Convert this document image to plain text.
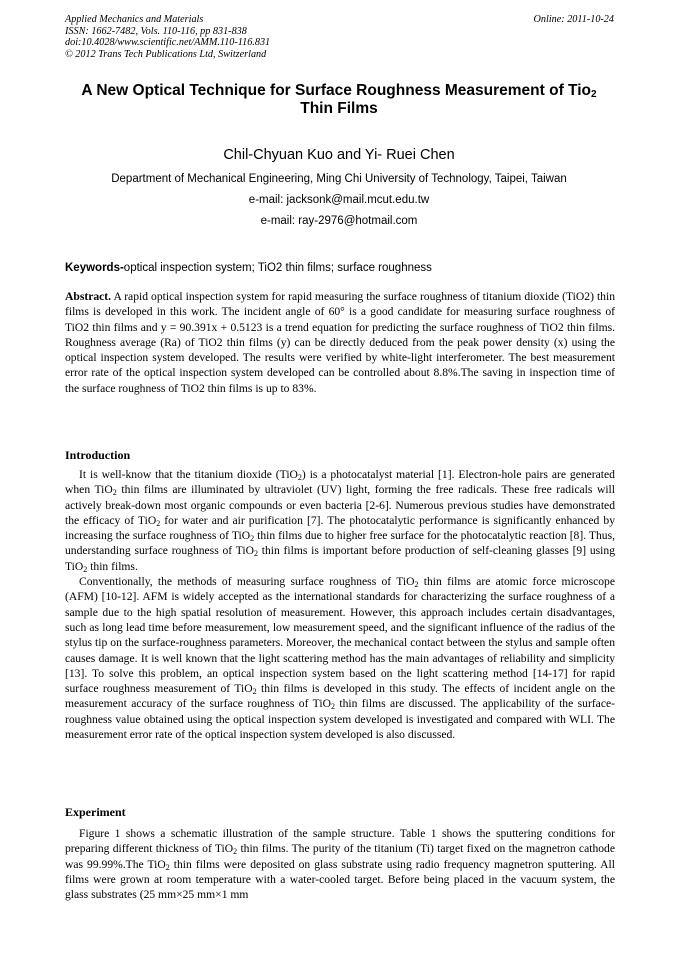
Applied Mechanics and Materials
ISSN: 1662-7482, Vols. 110-116, pp 831-838
doi:10.4028/www.scientific.net/AMM.110-116.831
© 2012 Trans Tech Publications Ltd, Switzerland
Online: 2011-10-24
A New Optical Technique for Surface Roughness Measurement of Tio$_2$
Thin Films
Chil-Chyuan Kuo and Yi- Ruei Chen
Department of Mechanical Engineering, Ming Chi University of Technology, Taipei, Taiwan
e-mail: jacksonk@mail.mcut.edu.tw
e-mail: ray-2976@hotmail.com
Keywords-optical inspection system; TiO2 thin films; surface roughness
Abstract. A rapid optical inspection system for rapid measuring the surface roughness of titanium dioxide (TiO2) thin films is developed in this work. The incident angle of 60° is a good candidate for measuring surface roughness of TiO2 thin films and y = 90.391x + 0.5123 is a trend equation for predicting the surface roughness of TiO2 thin films. Roughness average (Ra) of TiO2 thin films (y) can be directly deduced from the peak power density (x) using the optical inspection system developed. The results were verified by white-light interferometer. The best measurement error rate of the optical inspection system developed can be controlled about 8.8%.The saving in inspection time of the surface roughness of TiO2 thin films is up to 83%.
Introduction

It is well-know that the titanium dioxide (TiO$_2$) is a photocatalyst material [1]. Electron-hole pairs are generated when TiO$_2$ thin films are illuminated by ultraviolet (UV) light, forming the free radicals. These free radicals will actively break-down most organic compounds or even bacteria [2-6]. Numerous previous studies have demonstrated the efficacy of TiO$_2$ for water and air purification [7]. The photocatalytic performance is significantly enhanced by increasing the surface roughness of TiO$_2$ thin films due to higher free surface for the photocatalytic reaction [8]. Thus, understanding surface roughness of TiO$_2$ thin films is important before production of self-cleaning glasses [9] using TiO$_2$ thin films.

Conventionally, the methods of measuring surface roughness of TiO$_2$ thin films are atomic force microscope (AFM) [10-12]. AFM is widely accepted as the international standards for characterizing the surface roughness of a sample due to the high spatial resolution of measurement. However, this approach includes certain disadvantages, such as long lead time before measurement, low measurement speed, and the significant influence of the radius of the stylus tip on the surface-roughness parameters. Moreover, the mechanical contact between the stylus and sample often causes damage. It is well known that the light scattering method has the main advantages of reliability and simplicity [13]. To solve this problem, an optical inspection system based on the light scattering method [14-17] for rapid surface roughness measurement of TiO$_2$ thin films is developed in this study. The effects of incident angle on the measurement accuracy of the surface roughness of TiO$_2$ thin films are discussed. The applicability of the surface-roughness value obtained using the optical inspection system developed is investigated and compared with WLI. The measurement error rate of the optical inspection system developed is also discussed.

Experiment

Figure 1 shows a schematic illustration of the sample structure. Table 1 shows the sputtering conditions for preparing different thickness of TiO$_2$ thin films. The purity of the titanium (Ti) target fixed on the magnetron cathode was 99.99%.The TiO$_2$ thin films were deposited on glass substrate using radio frequency magnetron sputtering. All films were grown at room temperature with a water-cooled target. Before being placed in the vacuum system, the glass substrates (25 mm×25 mm×1 mm
